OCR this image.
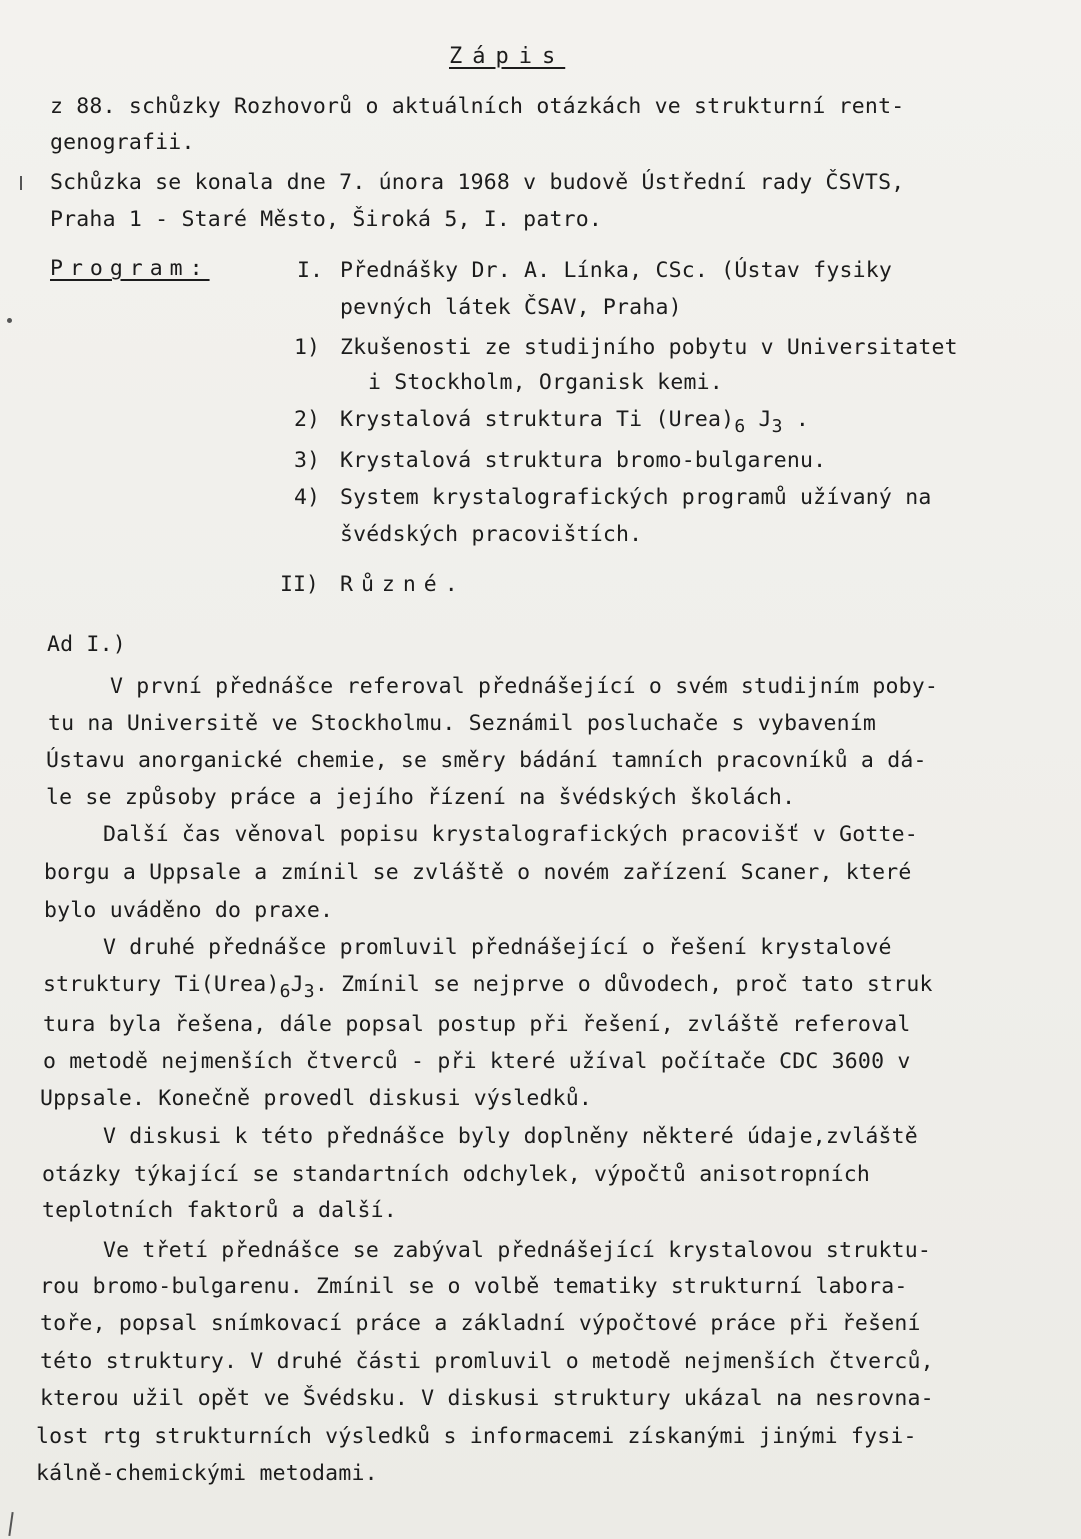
Zápis
z 88. schůzky Rozhovorů o aktuálních otázkách ve strukturní rent-
genografii.
Schůzka se konala dne 7. února 1968 v budově Ústřední rady ČSVTS,
Praha 1 - Staré Město, Široká 5, I. patro.
Program:	I. Přednášky Dr. A. Línka, CSc. (Ústav fysiky
pevných látek ČSAV, Praha)
1) Zkušenosti ze studijního pobytu v Universitatet
i Stockholm, Organisk kemi.
2) Krystalová struktura Ti $(Urea)_6$ $J_3$ .
3) Krystalová struktura bromo-bulgarenu.
4) System krystalografických programů užívaný na
švédských pracovištích.
II) Různé.
Ad I.)
V první přednášce referoval přednášející o svém studijním poby-
tu na Universitě ve Stockholmu. Seznámil posluchače s vybavením
Ústavu anorganické chemie, se směry bádání tamních pracovníků a dá-
le se způsoby práce a jejího řízení na švédských školách.
Další čas věnoval popisu krystalografických pracovišť v Gotte-
borgu a Uppsale a zmínil se zvláště o novém zařízení Scaner, které
bylo uváděno do praxe.
V druhé přednášce promluvil přednášející o řešení krystalové
struktury $Ti(Urea)_6J_3$. Zmínil se nejprve o důvodech, proč tato struk
tura byla řešena, dále popsal postup při řešení, zvláště referoval
o metodě nejmenších čtverců - při které užíval počítače CDC 3600 v
Uppsale. Konečně provedl diskusi výsledků.
V diskusi k této přednášce byly doplněny některé údaje,zvláště
otázky týkající se standartních odchylek, výpočtů anisotropních
teplotních faktorů a další.
Ve třetí přednášce se zabýval přednášející krystalovou struktu-
rou bromo-bulgarenu. Zmínil se o volbě tematiky strukturní labora-
toře, popsal snímkovací práce a základní výpočtové práce při řešení
této struktury. V druhé části promluvil o metodě nejmenších čtverců,
kterou užil opět ve Švédsku. V diskusi struktury ukázal na nesrovna-
lost rtg strukturních výsledků s informacemi získanými jinými fysi-
kálně-chemickými metodami.
